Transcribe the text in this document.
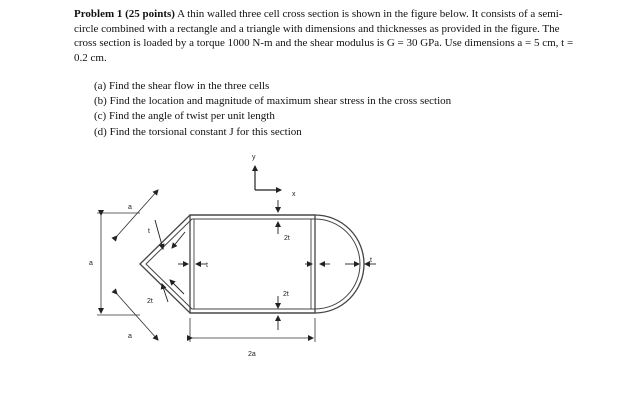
Problem 1 (25 points) A thin walled three cell cross section is shown in the figure below. It consists of a semi-circle combined with a rectangle and a triangle with dimensions and thicknesses as provided in the figure. The cross section is loaded by a torque 1000 N-m and the shear modulus is G = 30 GPa. Use dimensions a = 5 cm, t = 0.2 cm.

(a) Find the shear flow in the three cells
(b) Find the location and magnitude of maximum shear stress in the cross section
(c) Find the angle of twist per unit length
(d) Find the torsional constant J for this section
y
x
a
a
a
2a
t
2t
t
2t
2t
t
